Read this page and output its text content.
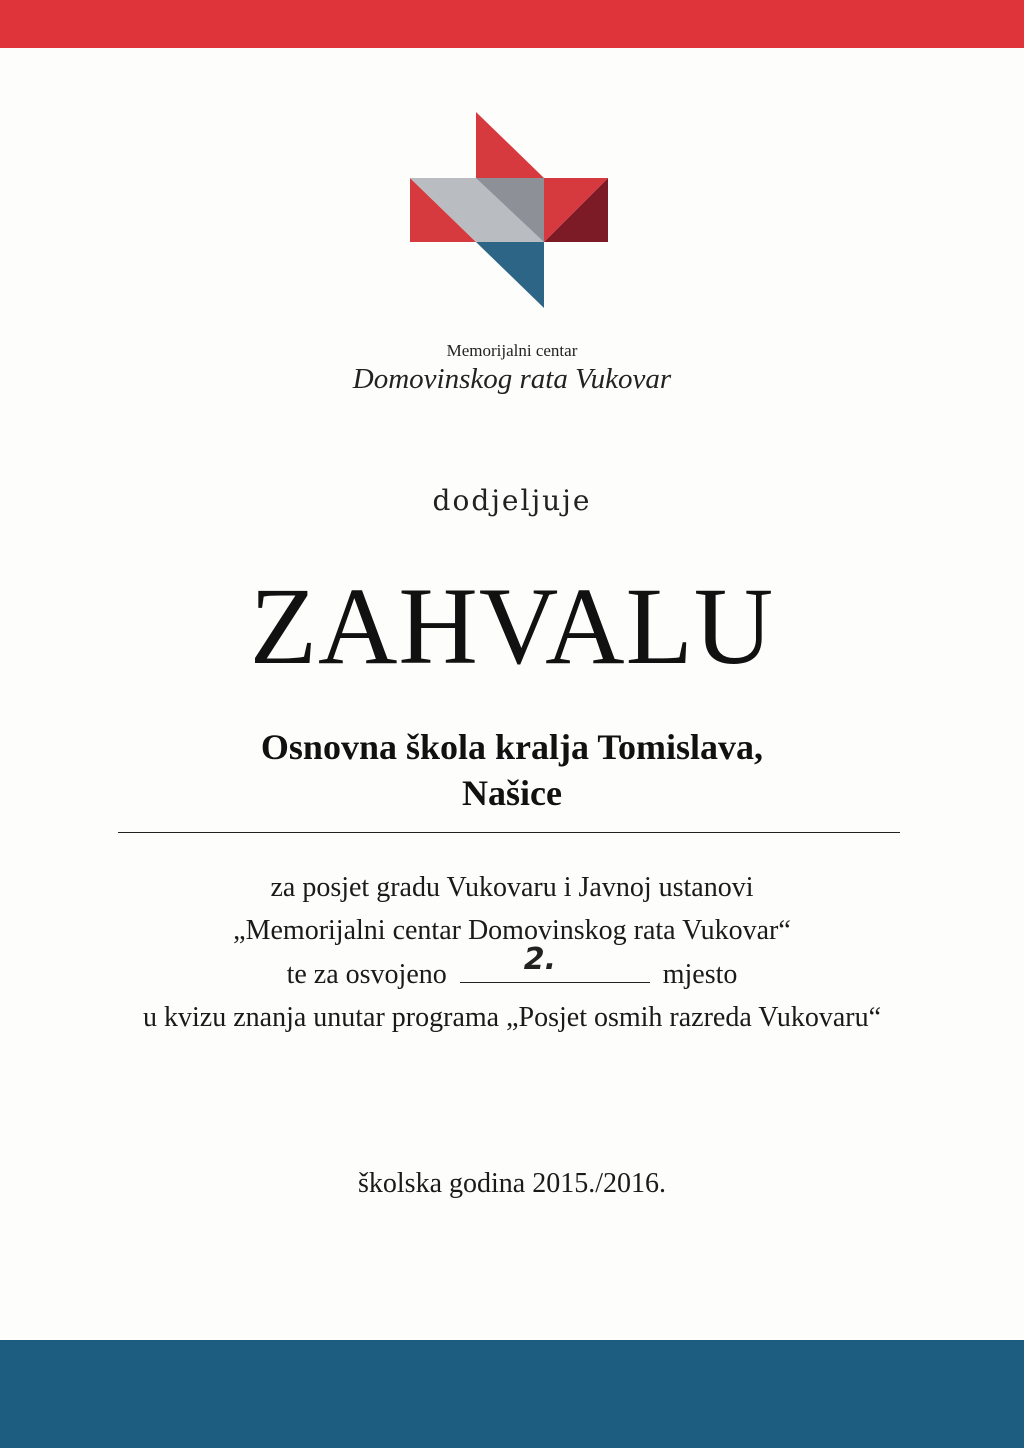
Memorijalni centar
Domovinskog rata Vukovar
dodjeljuje
ZAHVALU
Osnovna škola kralja Tomislava,
Našice
za posjet gradu Vukovaru i Javnoj ustanovi
„Memorijalni centar Domovinskog rata Vukovar“
te za osvojeno	2.	mjesto
u kvizu znanja unutar programa „Posjet osmih razreda Vukovaru“
školska godina 2015./2016.
